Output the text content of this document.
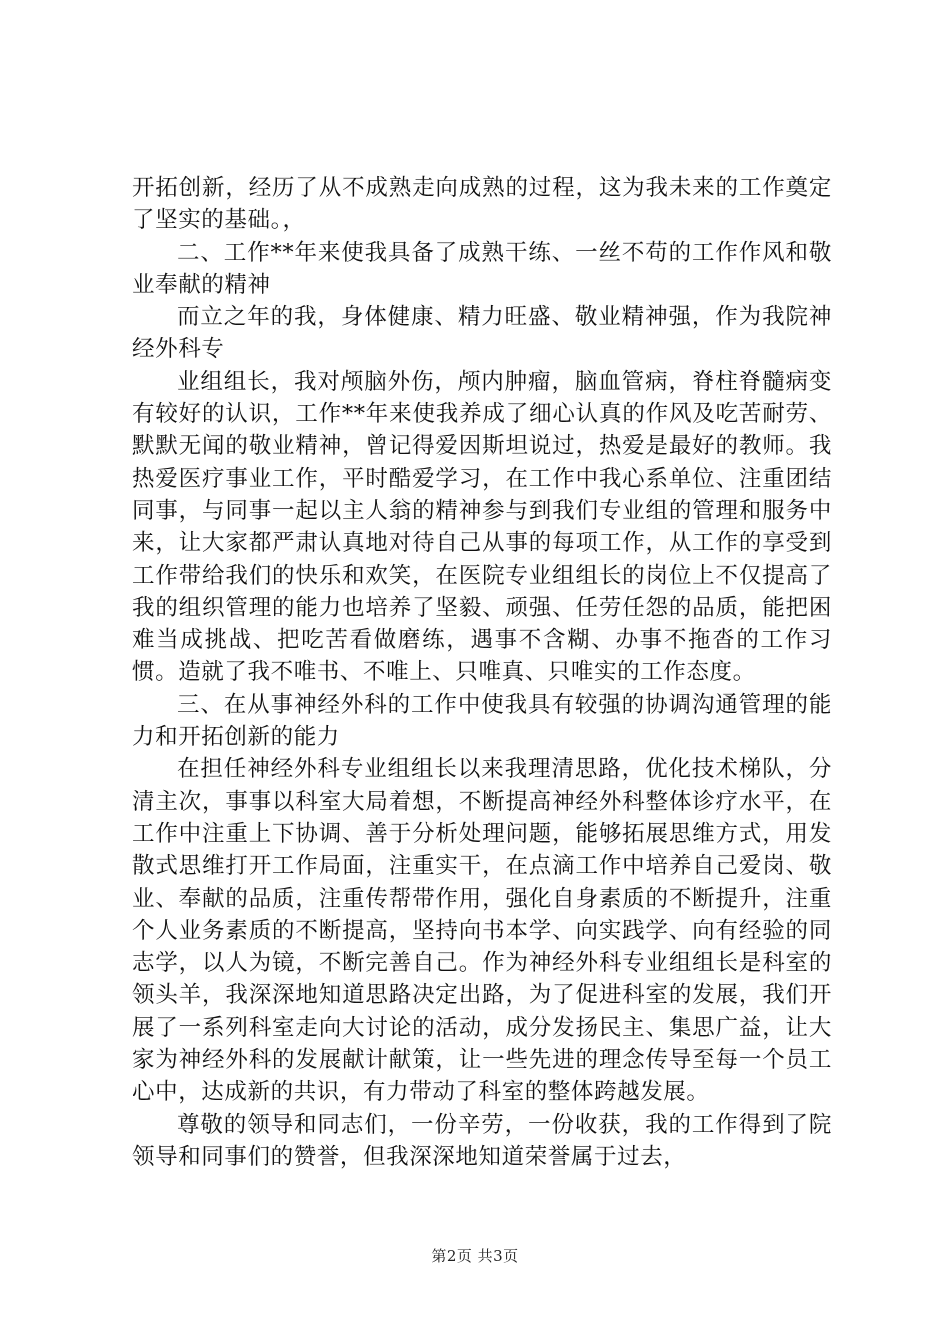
开拓创新，经历了从不成熟走向成熟的过程，这为我未来的工作奠定了坚实的基础。，

二、工作**年来使我具备了成熟干练、一丝不苟的工作作风和敬业奉献的精神

而立之年的我，身体健康、精力旺盛、敬业精神强，作为我院神经外科专

业组组长，我对颅脑外伤，颅内肿瘤，脑血管病，脊柱脊髓病变有较好的认识，工作**年来使我养成了细心认真的作风及吃苦耐劳、默默无闻的敬业精神，曾记得爱因斯坦说过，热爱是最好的教师。我热爱医疗事业工作，平时酷爱学习，在工作中我心系单位、注重团结同事，与同事一起以主人翁的精神参与到我们专业组的管理和服务中来，让大家都严肃认真地对待自己从事的每项工作，从工作的享受到工作带给我们的快乐和欢笑，在医院专业组组长的岗位上不仅提高了我的组织管理的能力也培养了坚毅、顽强、任劳任怨的品质，能把困难当成挑战、把吃苦看做磨练，遇事不含糊、办事不拖沓的工作习惯。造就了我不唯书、不唯上、只唯真、只唯实的工作态度。

三、在从事神经外科的工作中使我具有较强的协调沟通管理的能力和开拓创新的能力

在担任神经外科专业组组长以来我理清思路，优化技术梯队，分清主次，事事以科室大局着想，不断提高神经外科整体诊疗水平，在工作中注重上下协调、善于分析处理问题，能够拓展思维方式，用发散式思维打开工作局面，注重实干，在点滴工作中培养自己爱岗、敬业、奉献的品质，注重传帮带作用，强化自身素质的不断提升，注重个人业务素质的不断提高，坚持向书本学、向实践学、向有经验的同志学，以人为镜，不断完善自己。作为神经外科专业组组长是科室的领头羊，我深深地知道思路决定出路，为了促进科室的发展，我们开展了一系列科室走向大讨论的活动，成分发扬民主、集思广益，让大家为神经外科的发展献计献策，让一些先进的理念传导至每一个员工心中，达成新的共识，有力带动了科室的整体跨越发展。

尊敬的领导和同志们，一份辛劳，一份收获，我的工作得到了院领导和同事们的赞誉，但我深深地知道荣誉属于过去，

第2页 共3页
